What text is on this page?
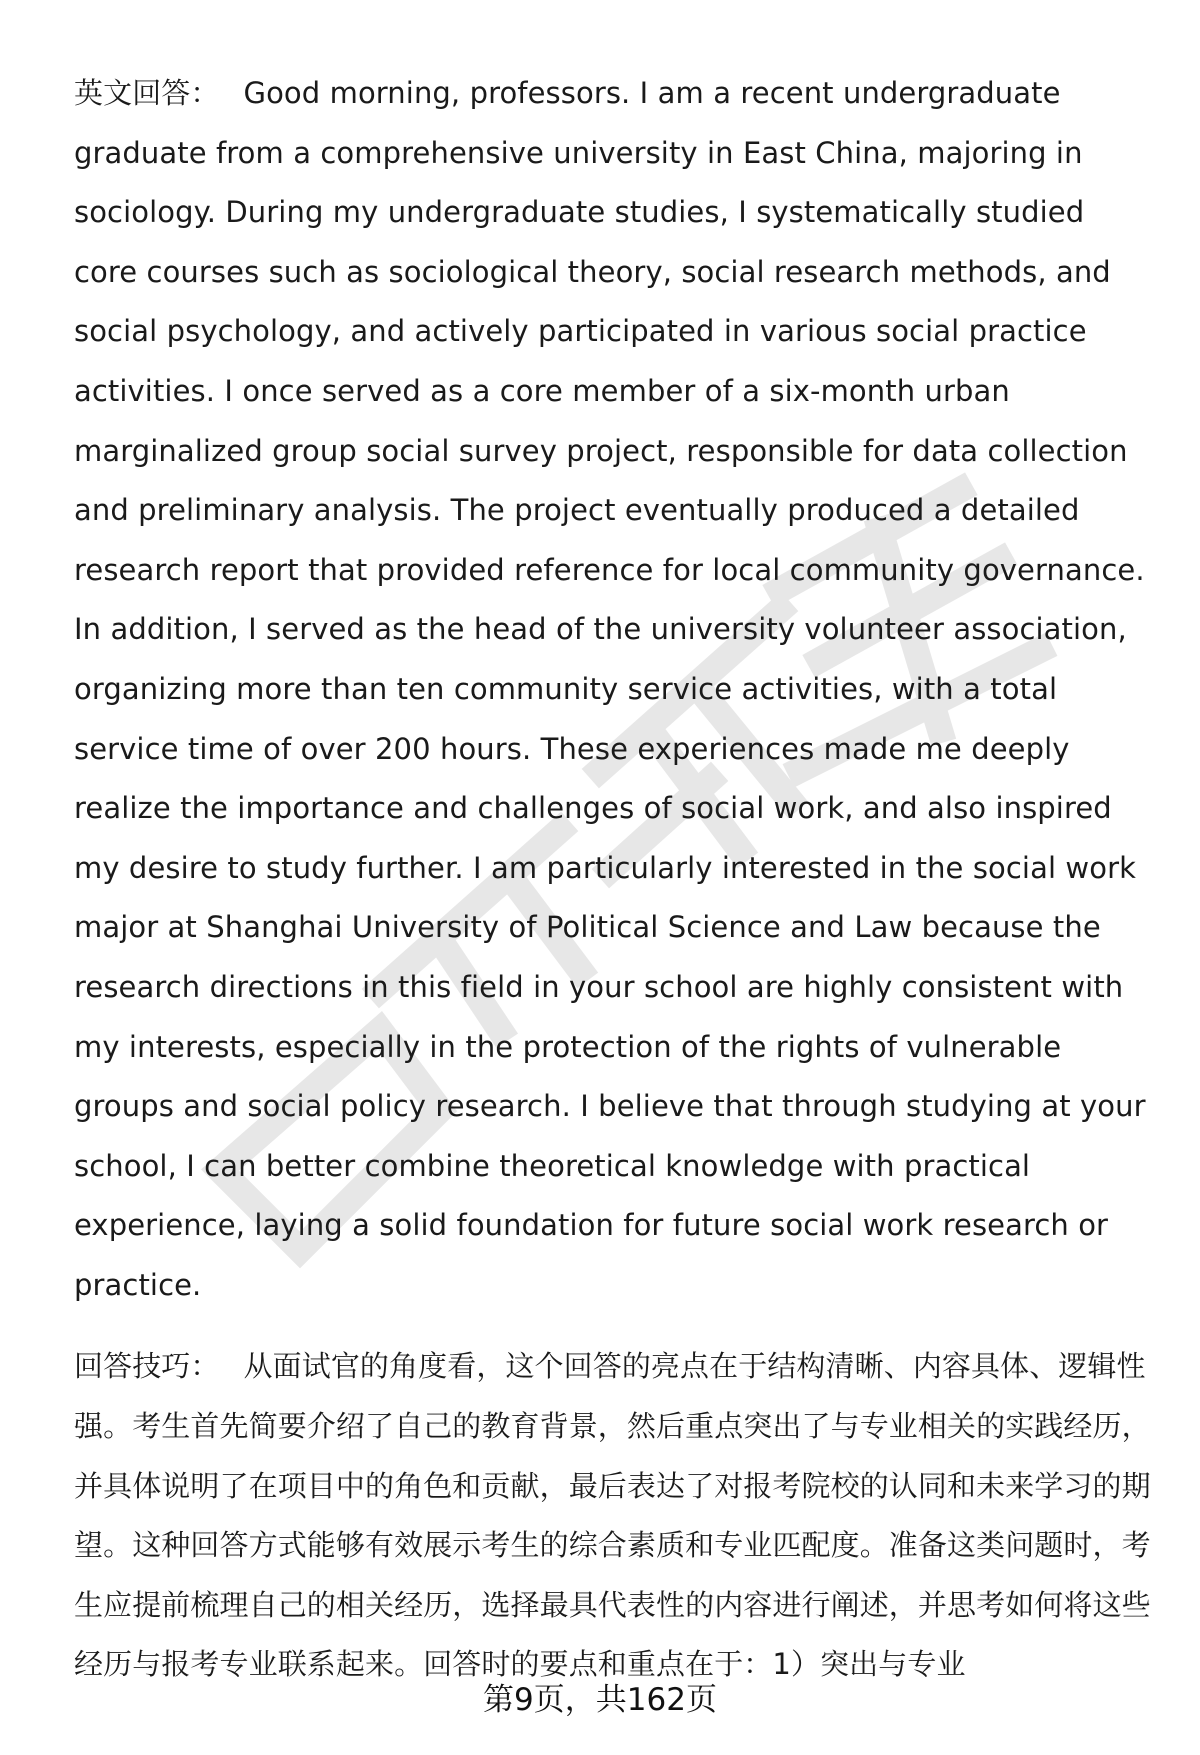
英文回答： Good morning, professors. I am a recent undergraduate graduate from a comprehensive university in East China, majoring in sociology. During my undergraduate studies, I systematically studied core courses such as sociological theory, social research methods, and social psychology, and actively participated in various social practice activities. I once served as a core member of a six-month urban marginalized group social survey project, responsible for data collection and preliminary analysis. The project eventually produced a detailed research report that provided reference for local community governance. In addition, I served as the head of the university volunteer association, organizing more than ten community service activities, with a total service time of over 200 hours. These experiences made me deeply realize the importance and challenges of social work, and also inspired my desire to study further. I am particularly interested in the social work major at Shanghai University of Political Science and Law because the research directions in this field in your school are highly consistent with my interests, especially in the protection of the rights of vulnerable groups and social policy research. I believe that through studying at your school, I can better combine theoretical knowledge with practical experience, laying a solid foundation for future social work research or practice.

回答技巧： 从面试官的角度看，这个回答的亮点在于结构清晰、内容具体、逻辑性强。考生首先简要介绍了自己的教育背景，然后重点突出了与专业相关的实践经历，并具体说明了在项目中的角色和贡献，最后表达了对报考院校的认同和未来学习的期望。这种回答方式能够有效展示考生的综合素质和专业匹配度。准备这类问题时，考生应提前梳理自己的相关经历，选择最具代表性的内容进行阐述，并思考如何将这些经历与报考专业联系起来。回答时的要点和重点在于：1）突出与专业

第9页，共162页
